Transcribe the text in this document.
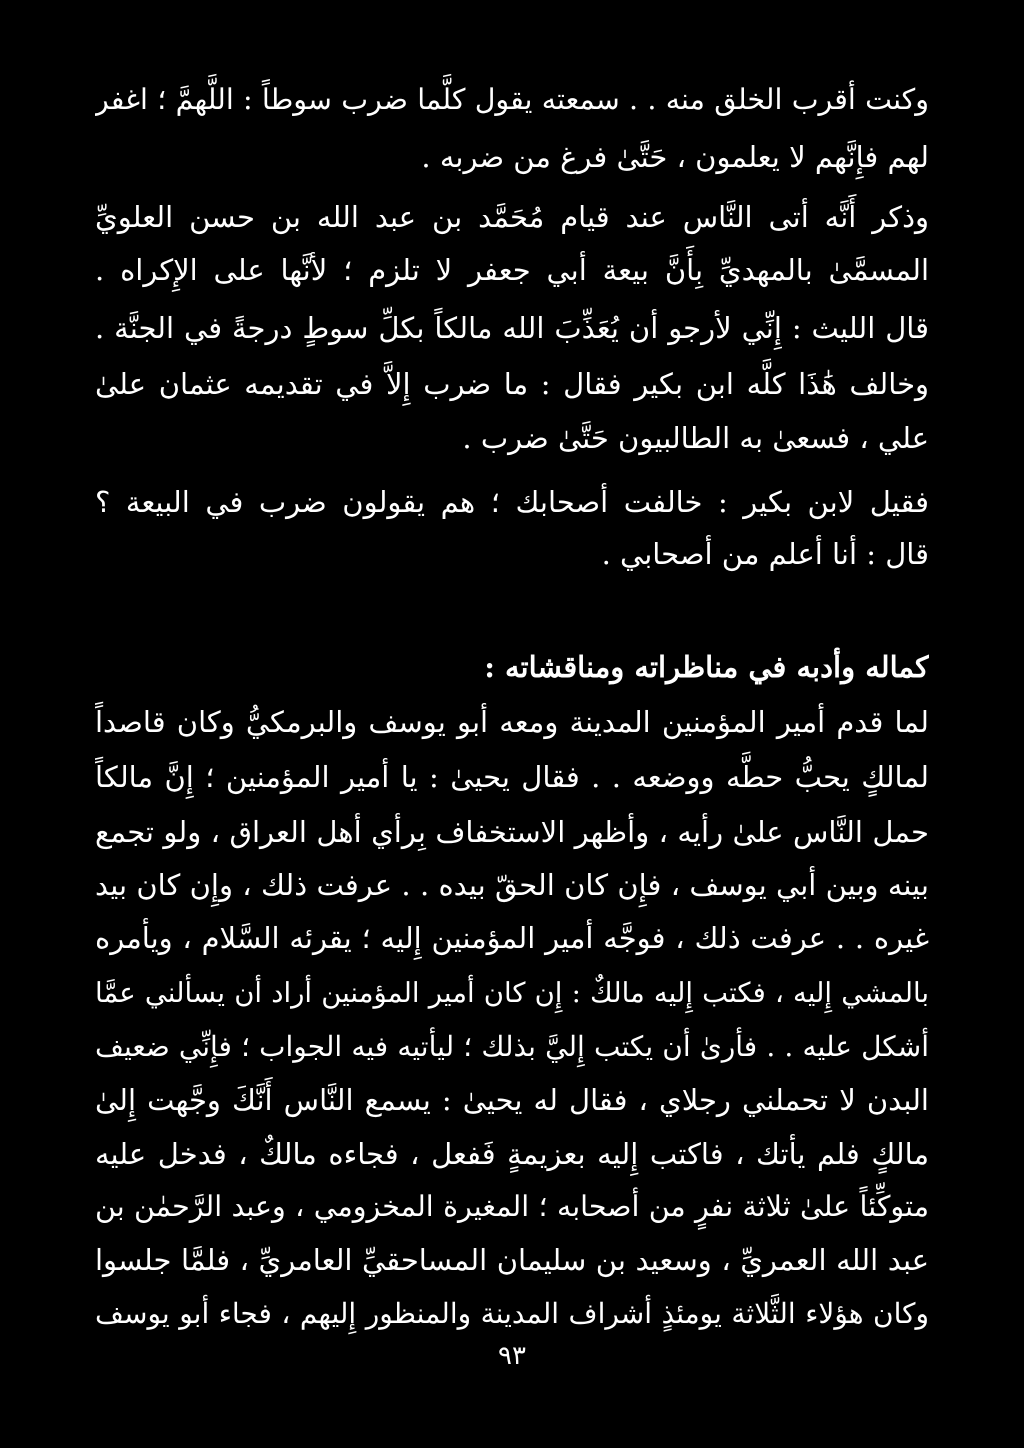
وكنت أقرب الخلق منه . . سمعته يقول كلَّما ضرب سوطاً : اللَّهمَّ ؛ اغفر
لهم فإِنَّهم لا يعلمون ، حَتَّىٰ فرغ من ضربه .
وذكر أَنَّه أتى النَّاس عند قيام مُحَمَّد بن عبد الله بن حسن العلويِّ
المسمَّىٰ بالمهديِّ بِأَنَّ بيعة أبي جعفر لا تلزم ؛ لأنَّها على الإِكراه .
قال الليث : إِنِّي لأرجو أن يُعَذِّبَ الله مالكاً بكلِّ سوطٍ درجةً في الجنَّة .
وخالف هَٰذَا كلَّه ابن بكير فقال : ما ضرب إِلاَّ في تقديمه عثمان علىٰ
علي ، فسعىٰ به الطالبيون حَتَّىٰ ضرب .
فقيل لابن بكير : خالفت أصحابك ؛ هم يقولون ضرب في البيعة ؟
قال : أنا أعلم من أصحابي .
كماله وأدبه في مناظراته ومناقشاته :
لما قدم أمير المؤمنين المدينة ومعه أبو يوسف والبرمكيُّ وكان قاصداً
لمالكٍ يحبُّ حطَّه ووضعه . . فقال يحيىٰ : يا أمير المؤمنين ؛ إِنَّ مالكاً
حمل النَّاس علىٰ رأيه ، وأظهر الاستخفاف بِرأي أهل العراق ، ولو تجمع
بينه وبين أبي يوسف ، فإِن كان الحقّ بيده . . عرفت ذلك ، وإِن كان بيد
غيره . . عرفت ذلك ، فوجَّه أمير المؤمنين إِليه ؛ يقرئه السَّلام ، ويأمره
بالمشي إِليه ، فكتب إِليه مالكٌ : إِن كان أمير المؤمنين أراد أن يسألني عمَّا
أشكل عليه . . فأرىٰ أن يكتب إِليَّ بذلك ؛ ليأتيه فيه الجواب ؛ فإِنِّي ضعيف
البدن لا تحملني رجلاي ، فقال له يحيىٰ : يسمع النَّاس أَنَّكَ وجَّهت إِلىٰ
مالكٍ فلم يأتك ، فاكتب إِليه بعزيمةٍ فَفعل ، فجاءه مالكٌ ، فدخل عليه
متوكِّئاً علىٰ ثلاثة نفرٍ من أصحابه ؛ المغيرة المخزومي ، وعبد الرَّحمٰن بن
عبد الله العمريِّ ، وسعيد بن سليمان المساحقيِّ العامريِّ ، فلمَّا جلسوا
وكان هؤلاء الثَّلاثة يومئذٍ أشراف المدينة والمنظور إِليهم ، فجاء أبو يوسف
٩٣
